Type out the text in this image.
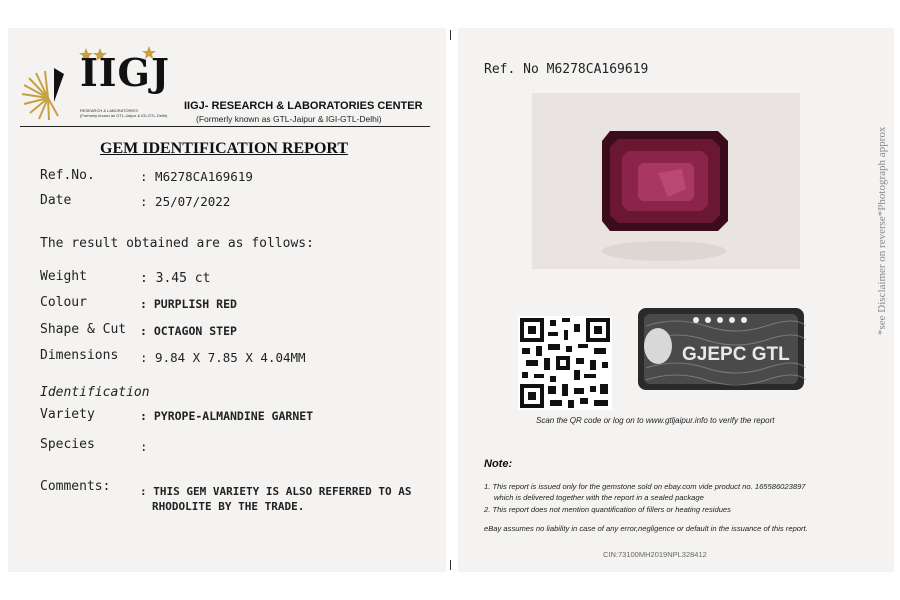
IIGJ
RESEARCH & LABORATORIES
(Formerly known as GTL-Jaipur & IGI-GTL-Delhi)
IIGJ- RESEARCH & LABORATORIES CENTER
(Formerly known as GTL-Jaipur & IGI-GTL-Delhi)
GEM IDENTIFICATION REPORT
Ref.No.	: M6278CA169619
Date	: 25/07/2022
The result obtained are as follows:
Weight	: 3.45 ct
Colour	: PURPLISH RED
Shape & Cut : OCTAGON STEP
Dimensions : 9.84 X 7.85 X 4.04MM
Identification
Variety	: PYROPE-ALMANDINE GARNET
Species	:
Comments:	: THIS GEM VARIETY IS ALSO REFERRED TO AS
RHODOLITE BY THE TRADE.
Ref. No M6278CA169619
GJEPC GTL
*see Disclaimer on reverse*Photograph approx
Scan the QR code or log on to www.gtljaipur.info to verify the report
Note:
1. This report is issued only for the gemstone sold on ebay.com vide product no. 165586023897
which is delivered together with the report in a sealed package
2. This report does not mention quantification of fillers or heating residues
eBay assumes no liability in case of any error,negligence or default in the issuance of this report.
CIN:73100MH2019NPL328412
